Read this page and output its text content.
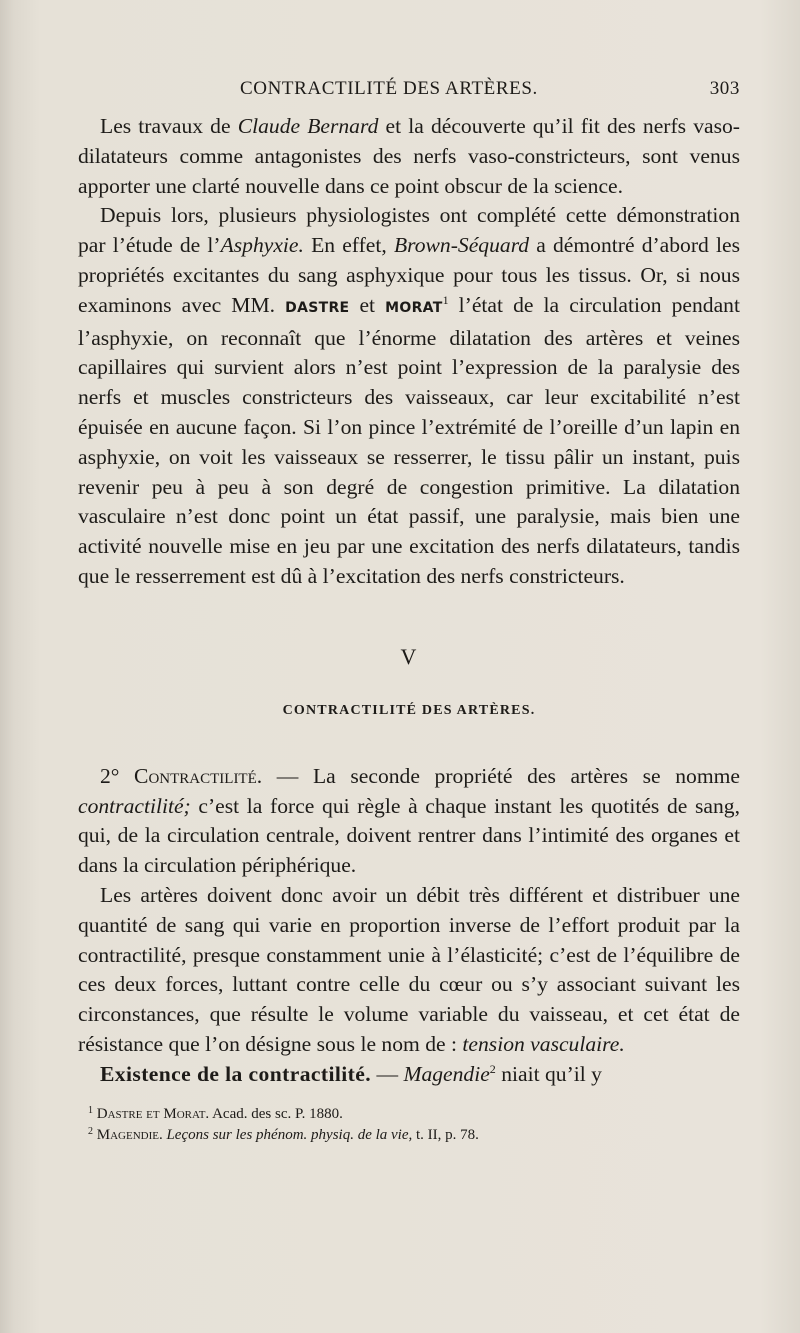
CONTRACTILITÉ DES ARTÈRES.	303

Les travaux de Claude Bernard et la découverte qu’il fit des nerfs vaso-dilatateurs comme antagonistes des nerfs vaso-constricteurs, sont venus apporter une clarté nouvelle dans ce point obscur de la science.

Depuis lors, plusieurs physiologistes ont complété cette démonstration par l’étude de l’Asphyxie. En effet, Brown-Séquard a démontré d’abord les propriétés excitantes du sang asphyxique pour tous les tissus. Or, si nous examinons avec MM. DASTRE et MORAT$^1$ l’état de la circulation pendant l’asphyxie, on reconnaît que l’énorme dilatation des artères et veines capillaires qui survient alors n’est point l’expression de la paralysie des nerfs et muscles constricteurs des vaisseaux, car leur excitabilité n’est épuisée en aucune façon. Si l’on pince l’extrémité de l’oreille d’un lapin en asphyxie, on voit les vaisseaux se resserrer, le tissu pâlir un instant, puis revenir peu à peu à son degré de congestion primitive. La dilatation vasculaire n’est donc point un état passif, une paralysie, mais bien une activité nouvelle mise en jeu par une excitation des nerfs dilatateurs, tandis que le resserrement est dû à l’excitation des nerfs constricteurs.

V
CONTRACTILITÉ DES ARTÈRES.

2° Contractilité. — La seconde propriété des artères se nomme contractilité; c’est la force qui règle à chaque instant les quotités de sang, qui, de la circulation centrale, doivent rentrer dans l’intimité des organes et dans la circulation périphérique.

Les artères doivent donc avoir un débit très différent et distribuer une quantité de sang qui varie en proportion inverse de l’effort produit par la contractilité, presque constamment unie à l’élasticité; c’est de l’équilibre de ces deux forces, luttant contre celle du cœur ou s’y associant suivant les circonstances, que résulte le volume variable du vaisseau, et cet état de résistance que l’on désigne sous le nom de : tension vasculaire.

Existence de la contractilité. — Magendie$^2$ niait qu’il y

$^1$ Dastre et Morat. Acad. des sc. P. 1880.

$^2$ Magendie. Leçons sur les phénom. physiq. de la vie, t. II, p. 78.
